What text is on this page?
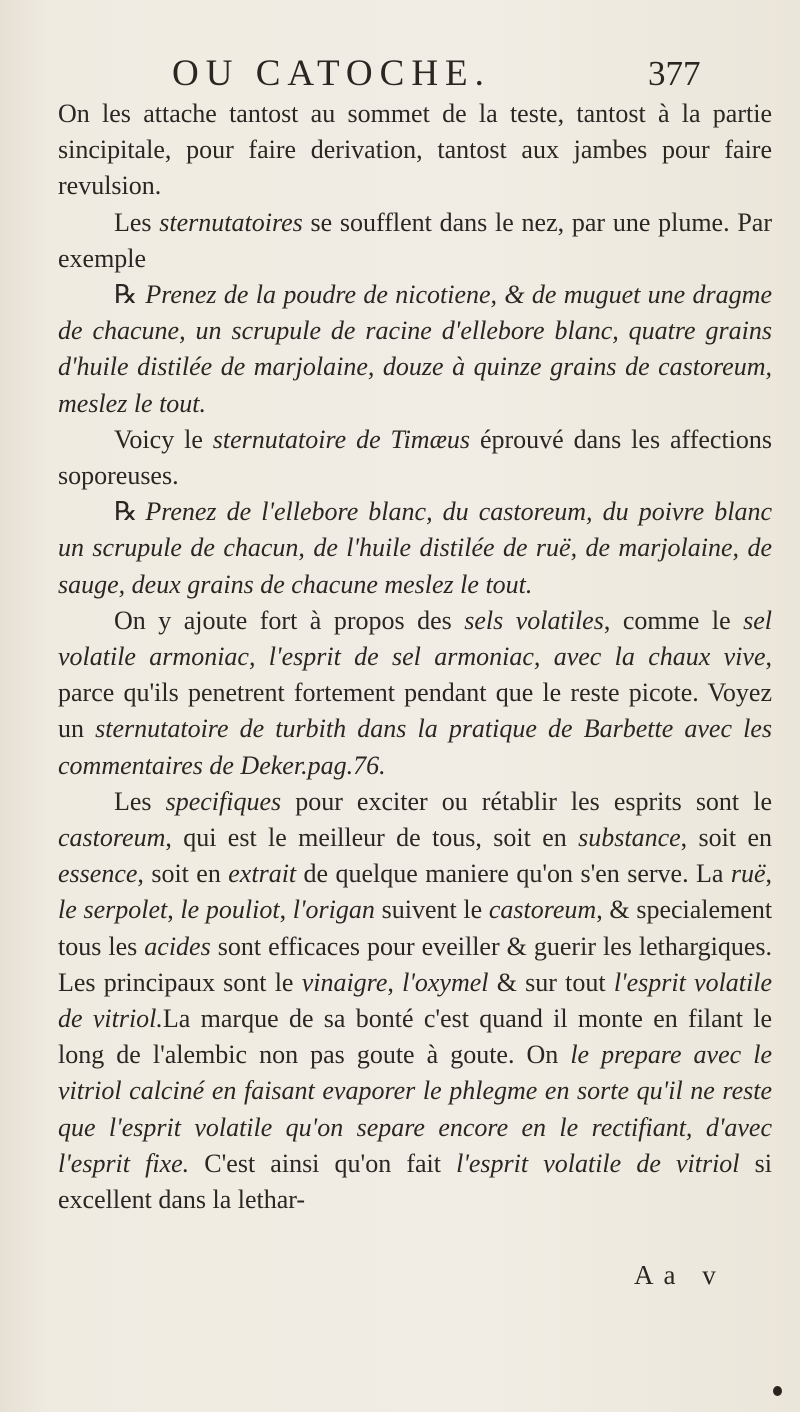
OU CATOCHE.	377

On les attache tantost au sommet de la teste, tantost à la partie sincipitale, pour faire derivation, tantost aux jambes pour faire revulsion.

Les sternutatoires se soufflent dans le nez, par une plume. Par exemple

℞ Prenez de la poudre de nicotiene, & de muguet une dragme de chacune, un scrupule de racine d'ellebore blanc, quatre grains d'huile distilée de marjolaine, douze à quinze grains de castoreum, meslez le tout.

Voicy le sternutatoire de Timæus éprouvé dans les affections soporeuses.

℞ Prenez de l'ellebore blanc, du castoreum, du poivre blanc un scrupule de chacun, de l'huile distilée de ruë, de marjolaine, de sauge, deux grains de chacune meslez le tout.

On y ajoute fort à propos des sels volatiles, comme le sel volatile armoniac, l'esprit de sel armoniac, avec la chaux vive, parce qu'ils penetrent fortement pendant que le reste picote. Voyez un sternutatoire de turbith dans la pratique de Barbette avec les commentaires de Deker.pag.76.

Les specifiques pour exciter ou rétablir les esprits sont le castoreum, qui est le meilleur de tous, soit en substance, soit en essence, soit en extrait de quelque maniere qu'on s'en serve. La ruë, le serpolet, le pouliot, l'origan suivent le castoreum, & specialement tous les acides sont efficaces pour eveiller & guerir les lethargiques. Les principaux sont le vinaigre, l'oxymel & sur tout l'esprit volatile de vitriol.La marque de sa bonté c'est quand il monte en filant le long de l'alembic non pas goute à goute. On le prepare avec le vitriol calciné en faisant evaporer le phlegme en sorte qu'il ne reste que l'esprit volatile qu'on separe encore en le rectifiant, d'avec l'esprit fixe. C'est ainsi qu'on fait l'esprit volatile de vitriol si excellent dans la lethar-

Aa v
